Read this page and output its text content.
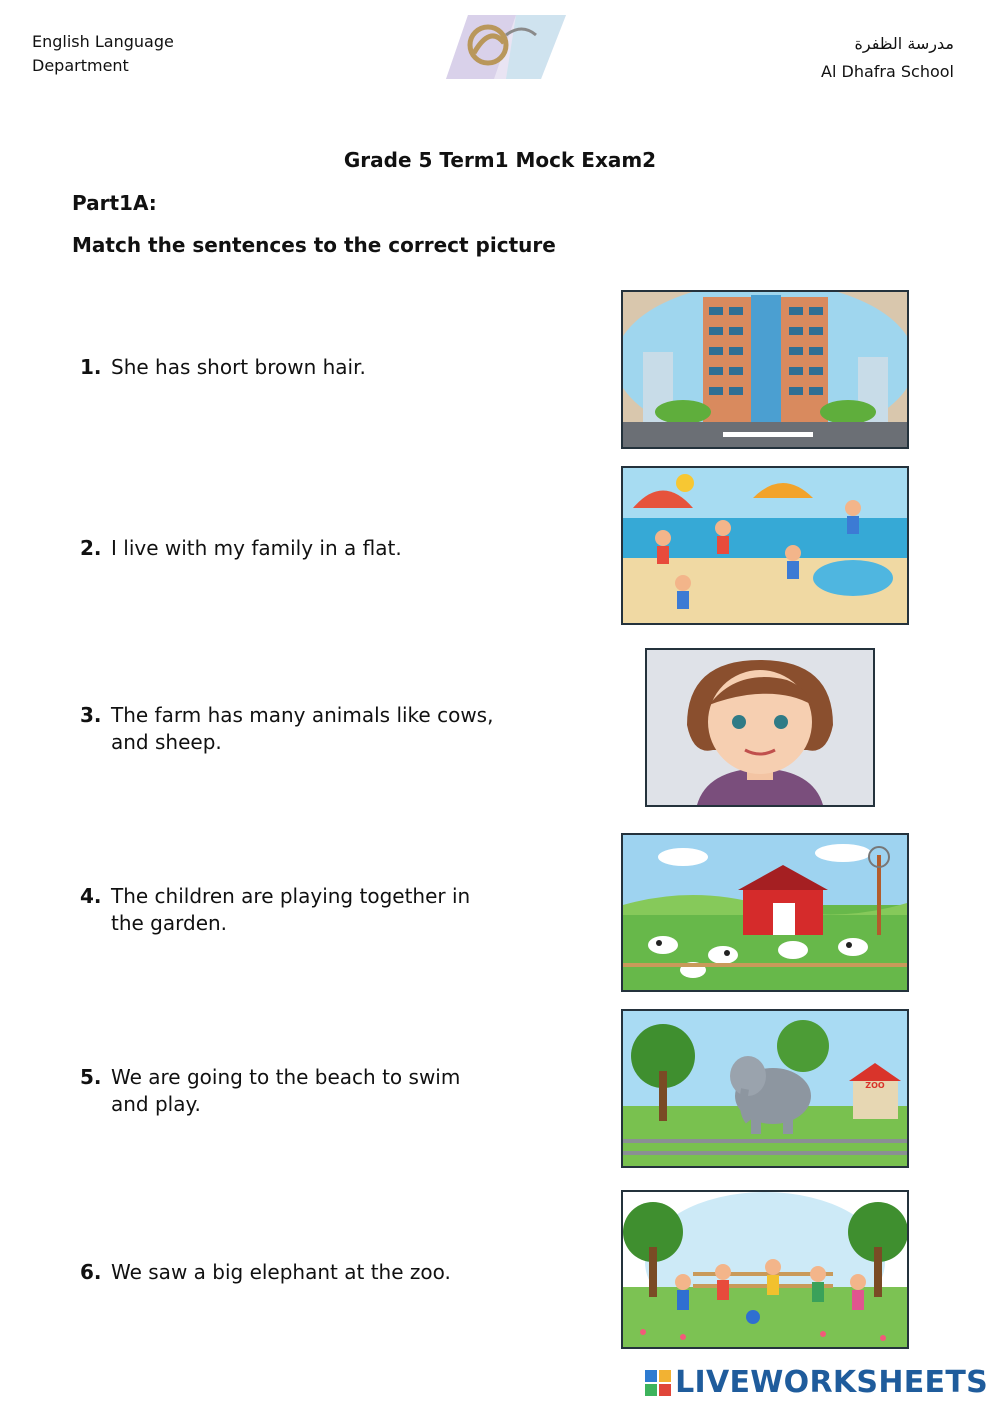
English Language
Department
مدرسة الظفرة
Al Dhafra School
Grade 5 Term1 Mock Exam2
Part1A:
Match the sentences to the correct picture
1. She has short brown hair.
2. I live with my family in a flat.
3. The farm has many animals like cows, and sheep.
4. The children are playing together in the garden.
5. We are going to the beach to swim and play.
6. We saw a big elephant at the zoo.
ZOO
LIVEWORKSHEETS
